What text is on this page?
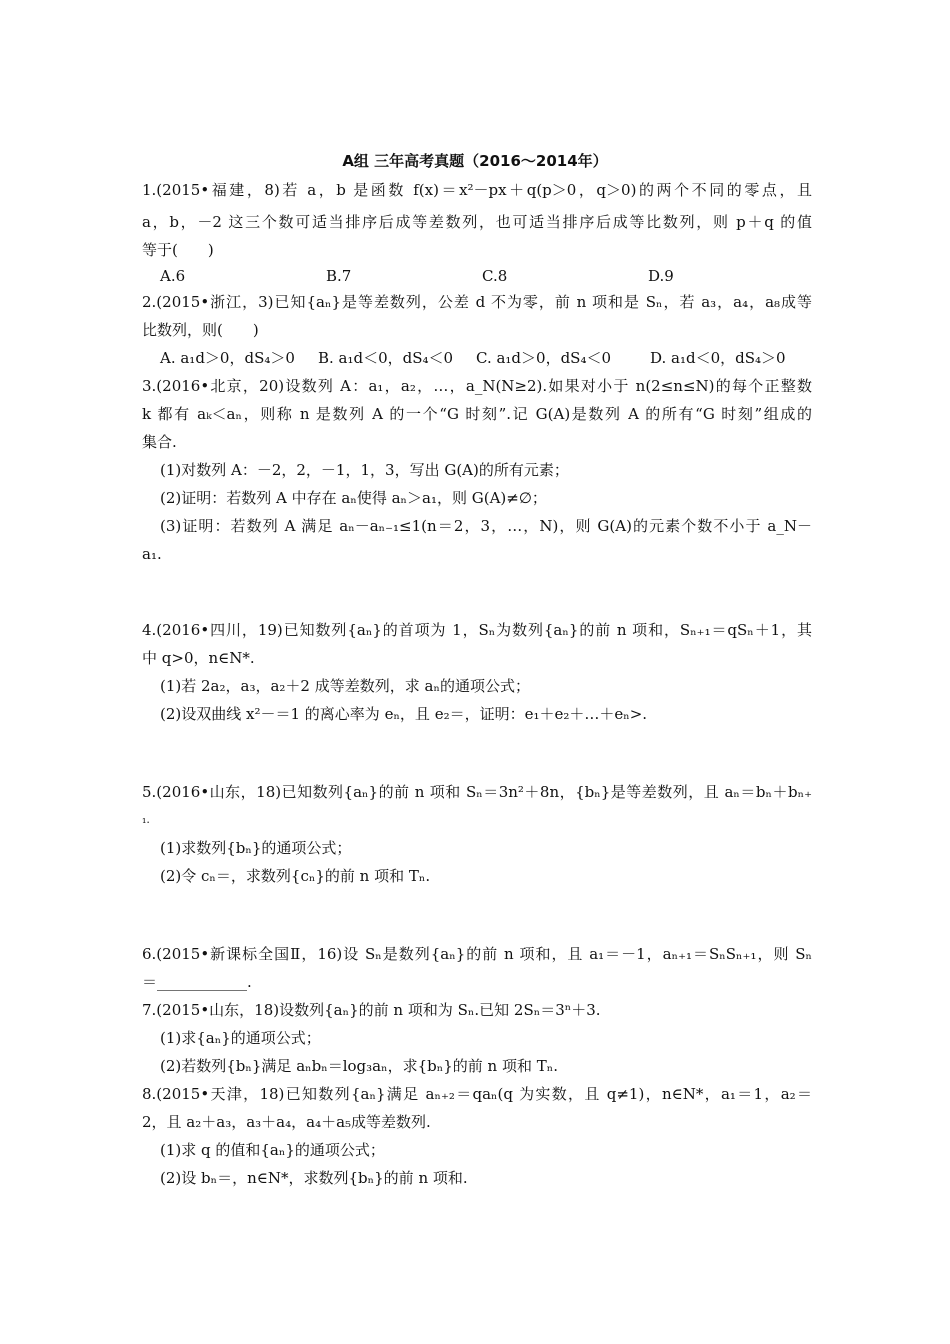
A组 三年高考真题（2016～2014年）
1.(2015•福建，8)若 a，b 是函数 f(x)＝x²－px＋q(p＞0，q＞0)的两个不同的零点，且
a，b，－2 这三个数可适当排序后成等差数列，也可适当排序后成等比数列，则 p＋q 的值
等于(　　)
A.6	B.7	C.8	D.9
2.(2015•浙江，3)已知{aₙ}是等差数列，公差 d 不为零，前 n 项和是 Sₙ，若 a₃，a₄，a₈成等
比数列，则(　　)
A. a₁d＞0，dS₄＞0 B. a₁d＜0，dS₄＜0 C. a₁d＞0，dS₄＜0	D. a₁d＜0，dS₄＞0
3.(2016•北京，20)设数列 A：a₁，a₂，…，a_N(N≥2).如果对小于 n(2≤n≤N)的每个正整数
k 都有 aₖ＜aₙ，则称 n 是数列 A 的一个“G 时刻”.记 G(A)是数列 A 的所有“G 时刻”组成的
集合.
(1)对数列 A：－2，2，－1，1，3，写出 G(A)的所有元素；
(2)证明：若数列 A 中存在 aₙ使得 aₙ＞a₁，则 G(A)≠∅；
(3)证明：若数列 A 满足 aₙ－aₙ₋₁≤1(n＝2，3，…，N)，则 G(A)的元素个数不小于 a_N－
a₁.
4.(2016•四川，19)已知数列{aₙ}的首项为 1，Sₙ为数列{aₙ}的前 n 项和，Sₙ₊₁＝qSₙ＋1，其
中 q>0，n∈N*.
(1)若 2a₂，a₃，a₂＋2 成等差数列，求 aₙ的通项公式；
(2)设双曲线 x²－＝1 的离心率为 eₙ，且 e₂＝，证明：e₁＋e₂＋…＋eₙ>.
5.(2016•山东，18)已知数列{aₙ}的前 n 项和 Sₙ＝3n²＋8n，{bₙ}是等差数列，且 aₙ＝bₙ＋bₙ₊
₁.
(1)求数列{bₙ}的通项公式；
(2)令 cₙ＝，求数列{cₙ}的前 n 项和 Tₙ.
6.(2015•新课标全国Ⅱ，16)设 Sₙ是数列{aₙ}的前 n 项和，且 a₁＝－1，aₙ₊₁＝SₙSₙ₊₁，则 Sₙ
＝____________.
7.(2015•山东，18)设数列{aₙ}的前 n 项和为 Sₙ.已知 2Sₙ＝3ⁿ＋3.
(1)求{aₙ}的通项公式；
(2)若数列{bₙ}满足 aₙbₙ＝log₃aₙ，求{bₙ}的前 n 项和 Tₙ.
8.(2015•天津，18)已知数列{aₙ}满足 aₙ₊₂＝qaₙ(q 为实数，且 q≠1)，n∈N*，a₁＝1，a₂＝
2，且 a₂＋a₃，a₃＋a₄，a₄＋a₅成等差数列.
(1)求 q 的值和{aₙ}的通项公式；
(2)设 bₙ＝，n∈N*，求数列{bₙ}的前 n 项和.
